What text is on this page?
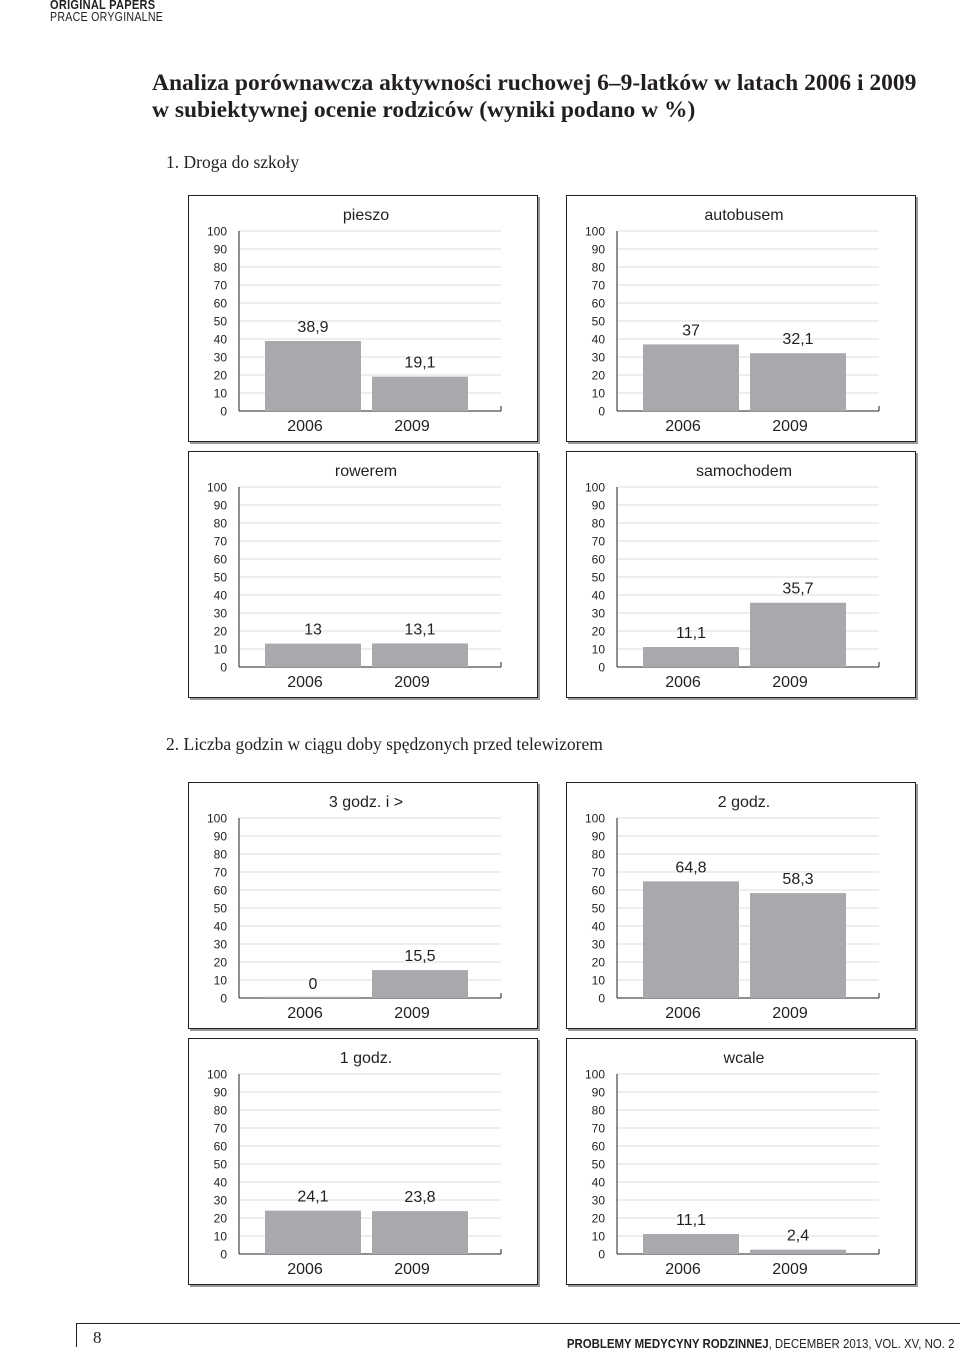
ORIGINAL PAPERS
PRACE ORYGINALNE
Analiza porównawcza aktywności ruchowej 6–9-latków w latach 2006 i 2009
w subiektywnej ocenie rodziców (wyniki podano w %)
1. Droga do szkoły
2. Liczba godzin w ciągu doby spędzonych przed telewizorem
0
10
20
30
40
50
60
70
80
90
100
pieszo
38,9
2006
19,1
2009
0
10
20
30
40
50
60
70
80
90
100
autobusem
37
2006
32,1
2009
0
10
20
30
40
50
60
70
80
90
100
rowerem
13
2006
13,1
2009
0
10
20
30
40
50
60
70
80
90
100
samochodem
11,1
2006
35,7
2009
0
10
20
30
40
50
60
70
80
90
100
3 godz. i >
0
2006
15,5
2009
0
10
20
30
40
50
60
70
80
90
100
2 godz.
64,8
2006
58,3
2009
0
10
20
30
40
50
60
70
80
90
100
1 godz.
24,1
2006
23,8
2009
0
10
20
30
40
50
60
70
80
90
100
wcale
11,1
2006
2,4
2009
8	PROBLEMY MEDYCYNY RODZINNEJ, DECEMBER 2013, VOL. XV, NO. 2
